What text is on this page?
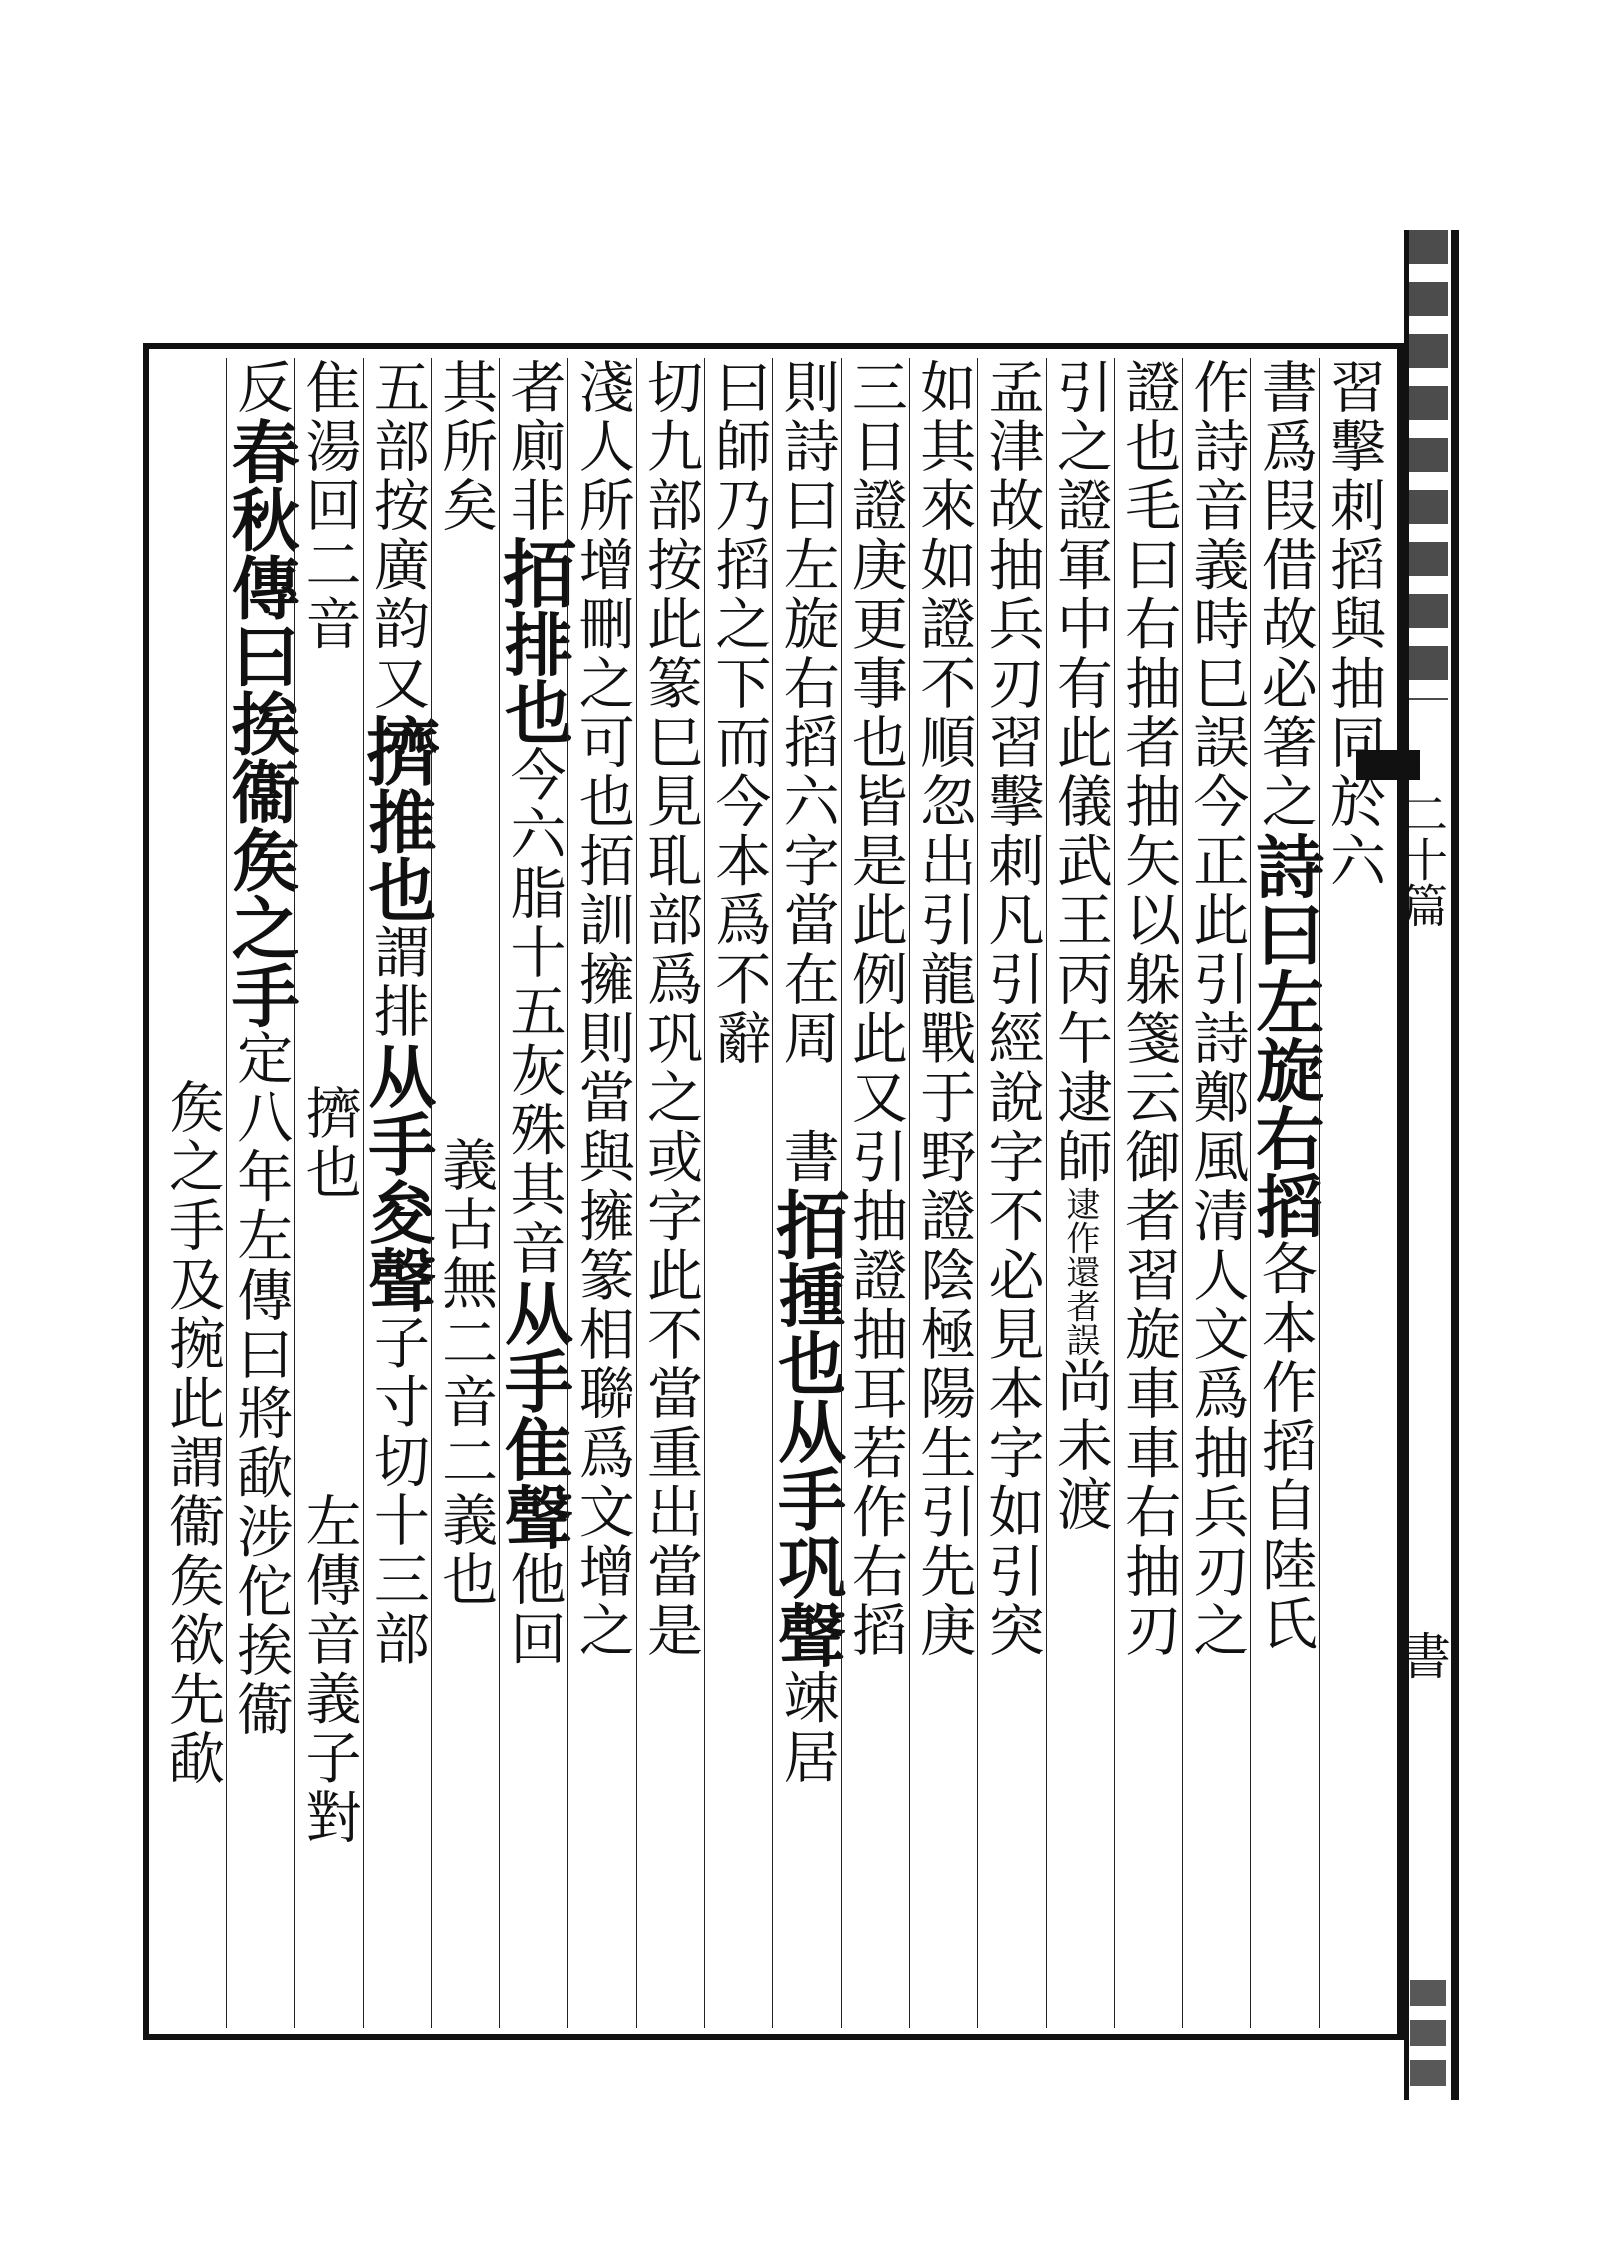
二十篇
書
習擊刺搯與抽同於六
書爲叚借故必箸之詩曰左旋右搯各本作搯自陸氏
作詩音義時巳誤今正此引詩鄭風清人文爲抽兵刃之
證也毛曰右抽者抽矢以躲箋云御者習旋車車右抽刃
引之證軍中有此儀武王丙午逮師逮作還者誤尚未渡
孟津故抽兵刃習擊刺凡引經說字不必見本字如引突
如其來如證不順忽出引龍戰于野證陰極陽生引先庚
三日證庚更事也皆是此例此又引抽證抽耳若作右搯
則詩曰左旋右搯六字當在周　書𢫦揰也从手巩聲竦居
曰師乃搯之下而今本爲不辭
切九部按此篆巳見耴部爲巩之或字此不當重出當是
淺人所增刪之可也𢫦訓擁則當與擁篆相聯爲文增之
者廁非𢫦排也今六脂十五灰殊其音从手隹聲他回
其所矣義古無二音二義也
五部按廣韵又擠推也謂排从手夋聲子寸切十三部
隹湯回二音擠也左傳音義子對
反春秋傳曰挨衞矦之手定八年左傳曰將歃涉佗挨衞
矦之手及捥此謂衞矦欲先歃
